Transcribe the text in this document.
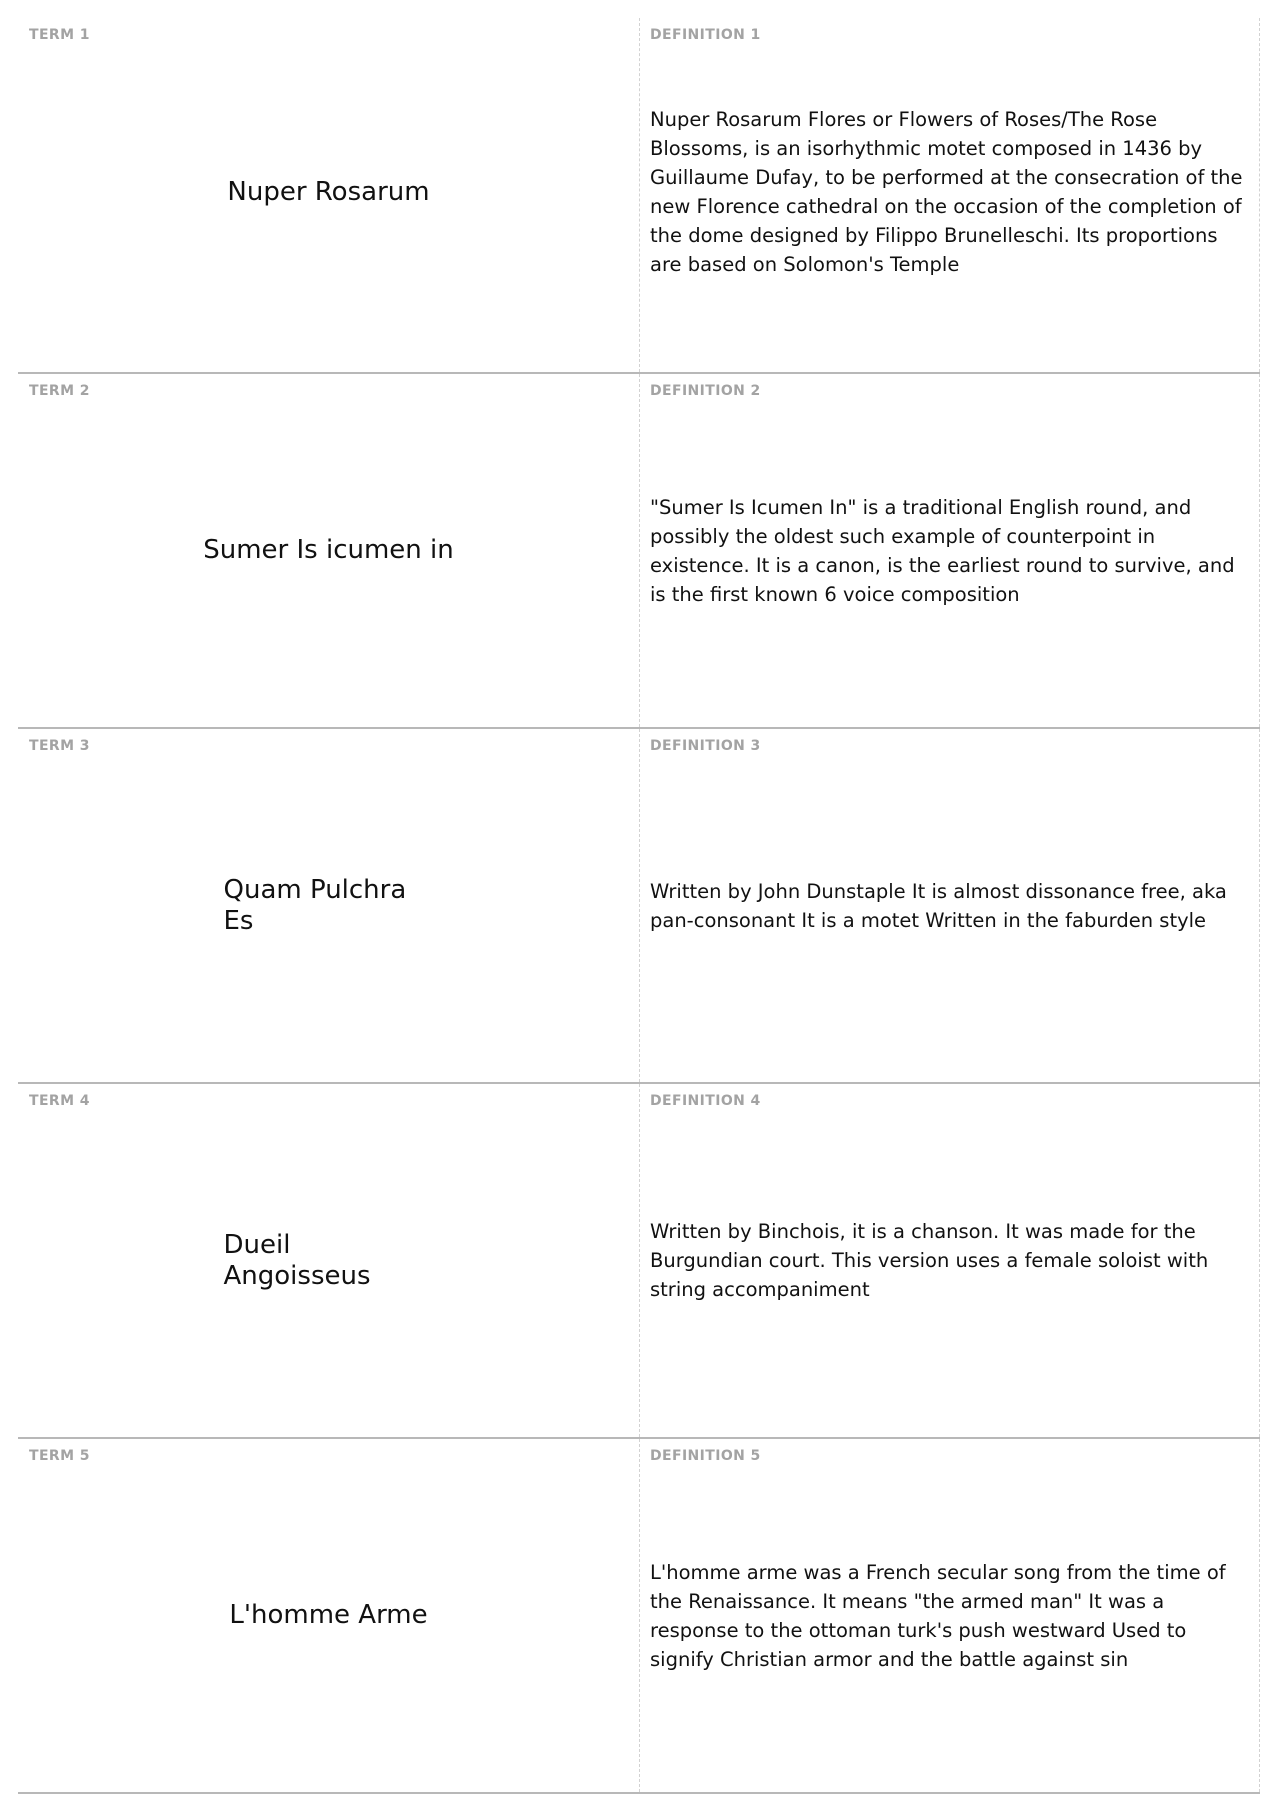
TERM 1
Nuper Rosarum
DEFINITION 1
Nuper Rosarum Flores or Flowers of Roses/The Rose Blossoms, is an isorhythmic motet composed in 1436 by Guillaume Dufay, to be performed at the consecration of the new Florence cathedral on the occasion of the completion of the dome designed by Filippo Brunelleschi. Its proportions are based on Solomon's Temple
TERM 2
Sumer Is icumen in
DEFINITION 2
"Sumer Is Icumen In" is a traditional English round, and possibly the oldest such example of counterpoint in existence. It is a canon, is the earliest round to survive, and is the first known 6 voice composition
TERM 3
Quam Pulchra Es
DEFINITION 3
Written by John Dunstaple It is almost dissonance free, aka pan-consonant It is a motet Written in the faburden style
TERM 4
Dueil Angoisseus
DEFINITION 4
Written by Binchois, it is a chanson. It was made for the Burgundian court. This version uses a female soloist with string accompaniment
TERM 5
L'homme Arme
DEFINITION 5
L'homme arme was a French secular song from the time of the Renaissance. It means "the armed man" It was a response to the ottoman turk's push westward Used to signify Christian armor and the battle against sin
